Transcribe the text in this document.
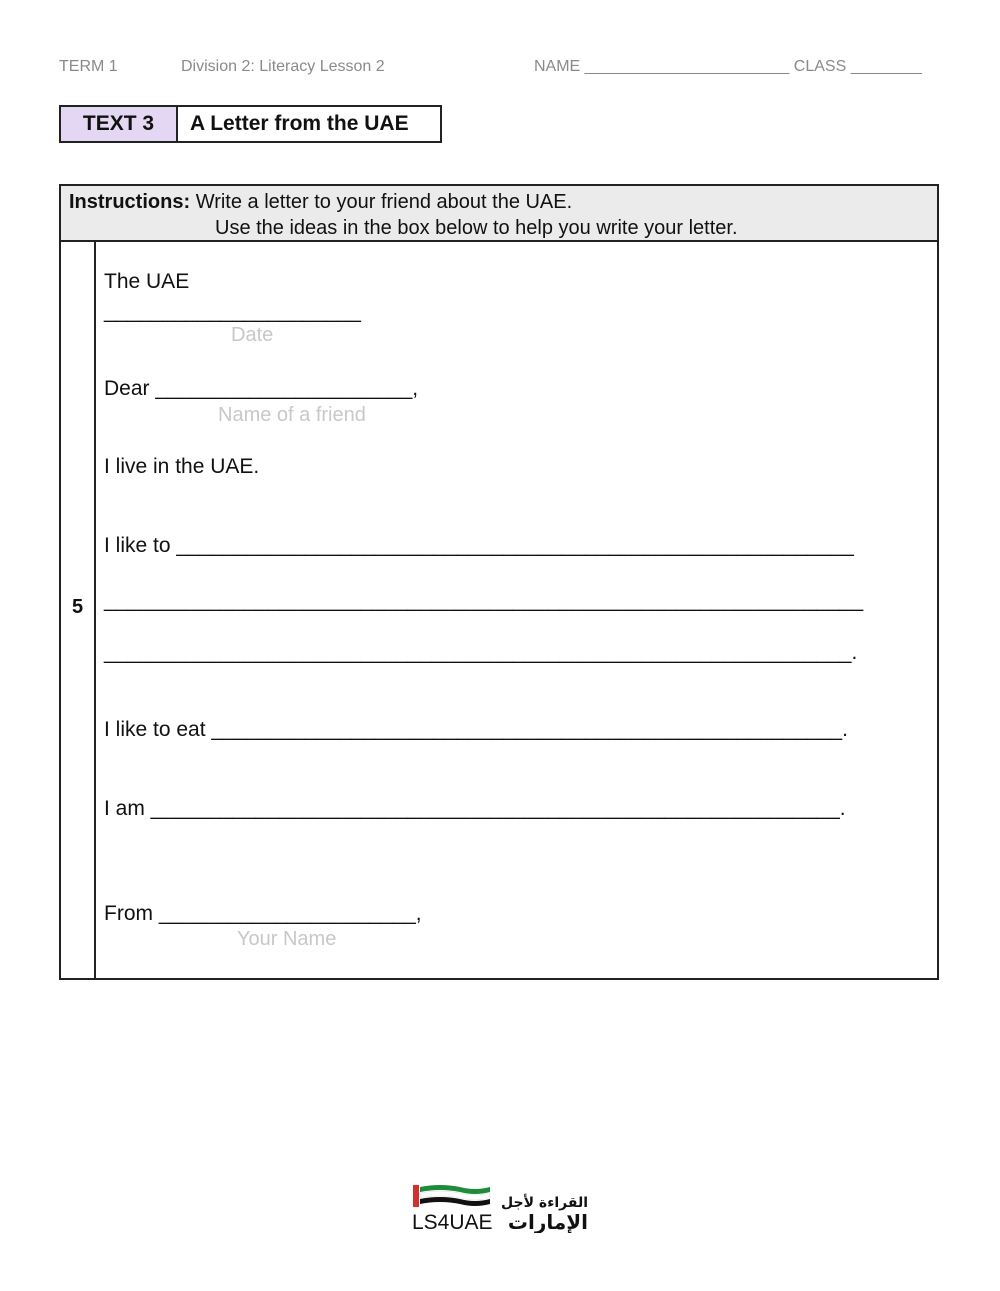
TERM 1	Division 2: Literacy Lesson 2	NAME _______________________ CLASS ________
TEXT 3	A Letter from the UAE
Instructions: Write a letter to your friend about the UAE.
Use the ideas in the box below to help you write your letter.
5
The UAE
______________________
Date
Dear ______________________,
Name of a friend
I live in the UAE.
I like to __________________________________________________________
_________________________________________________________________
________________________________________________________________.
I like to eat ______________________________________________________.
I am ___________________________________________________________.
From ______________________,
Your Name
LS4UAE
القراءة لأجل
الإمارات
